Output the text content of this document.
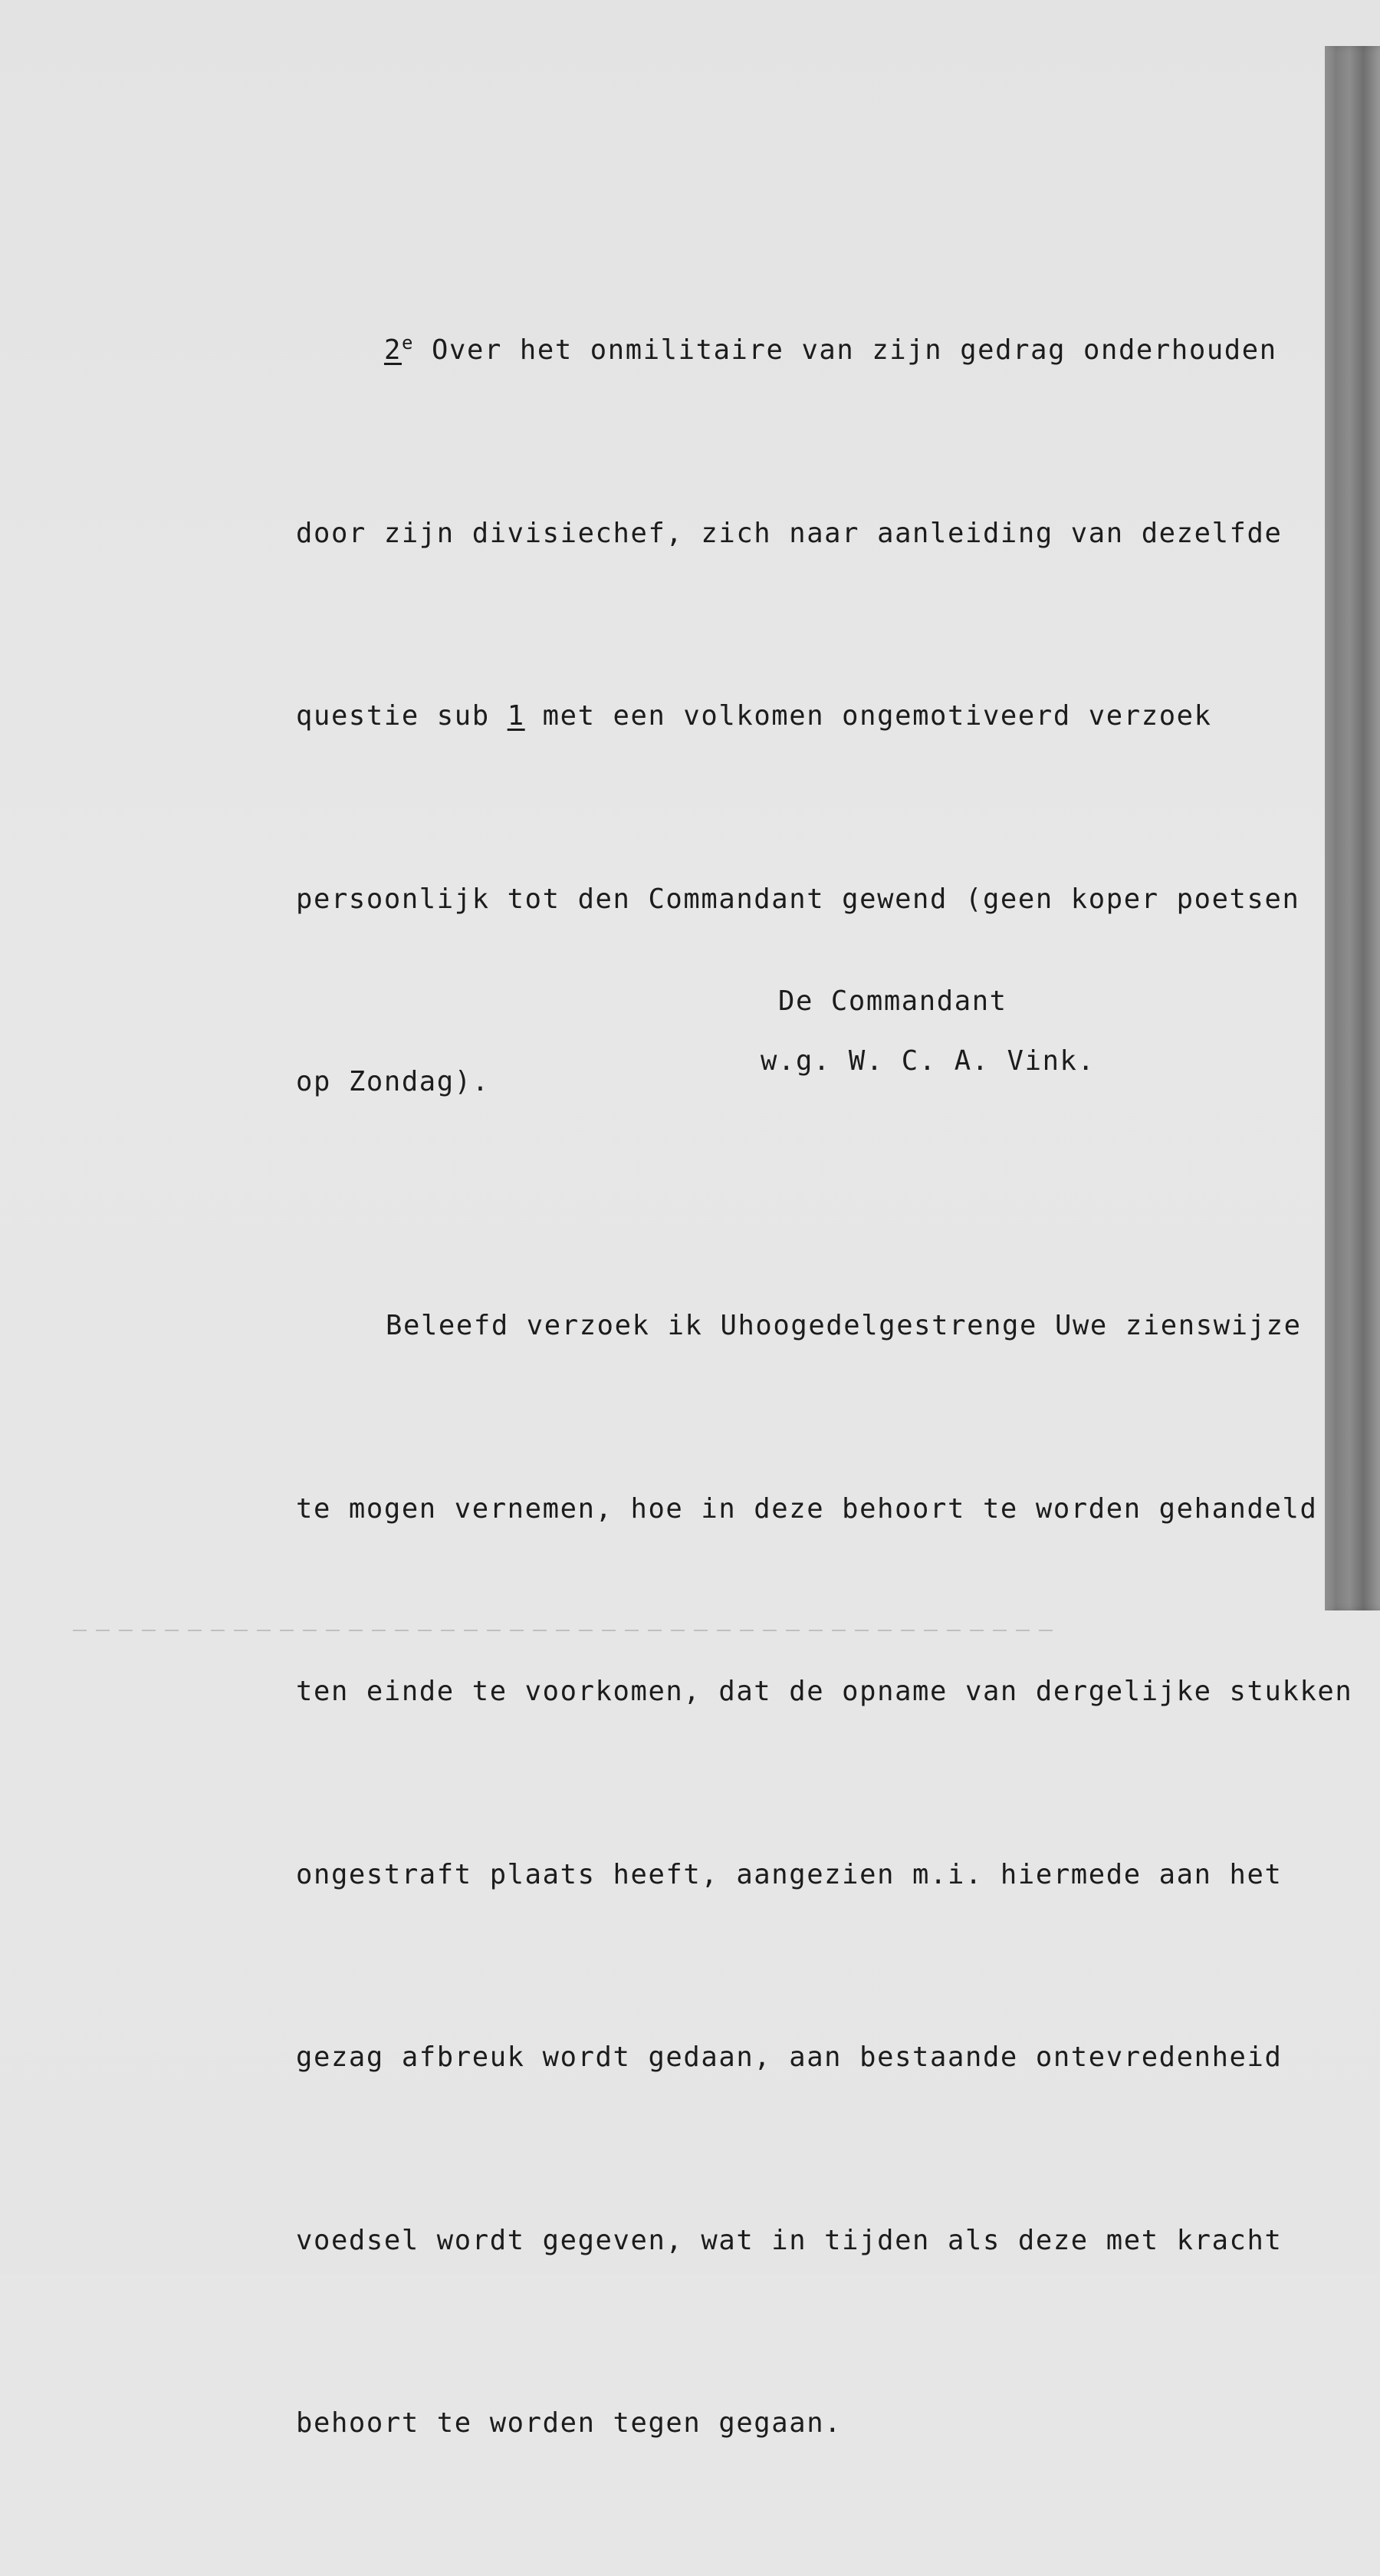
2e Over het onmilitaire van zijn gedrag onderhouden

door zijn divisiechef, zich naar aanleiding van dezelfde

questie sub 1 met een volkomen ongemotiveerd verzoek

persoonlijk tot den Commandant gewend (geen koper poetsen

op Zondag).

Beleefd verzoek ik Uhoogedelgestrenge Uwe zienswijze

te mogen vernemen, hoe in deze behoort te worden gehandeld

ten einde te voorkomen, dat de opname van dergelijke stukken

ongestraft plaats heeft, aangezien m.i. hiermede aan het

gezag afbreuk wordt gedaan, aan bestaande ontevredenheid

voedsel wordt gegeven, wat in tijden als deze met kracht

behoort te worden tegen gegaan.

De Commandant
w.g. W. C. A. Vink.
